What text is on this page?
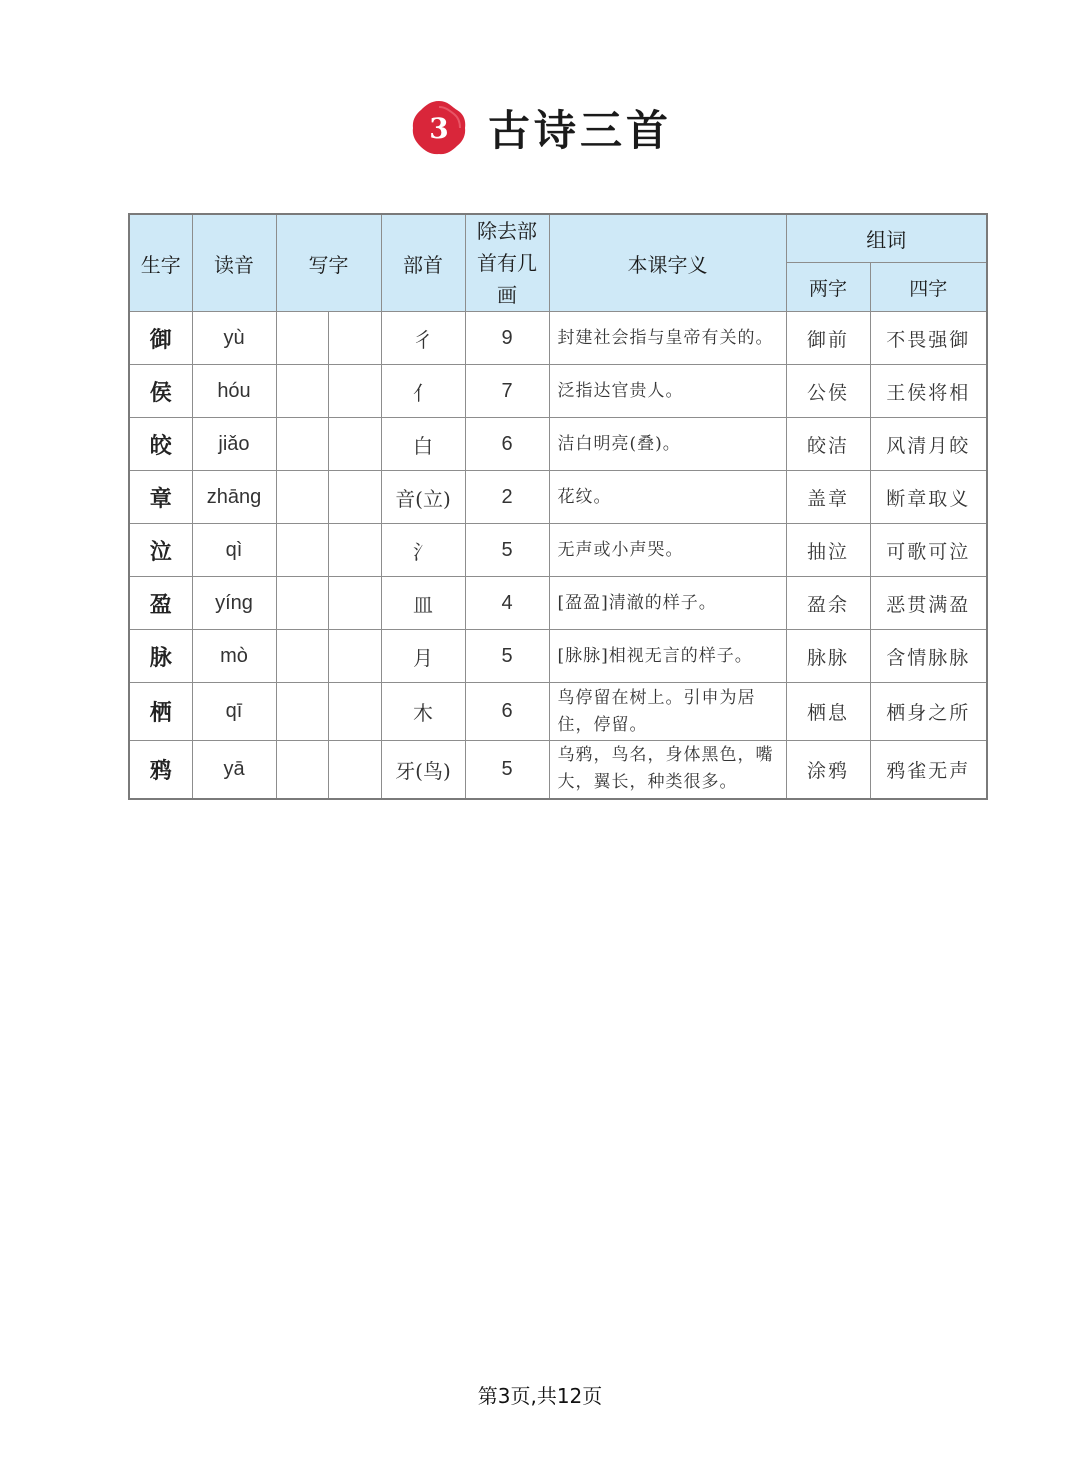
3 古诗三首
生字	读音	写字		部首	除去部首有几画	本课字义	组词	
							两字	四字
御	yù			彳	9	封建社会指与皇帝有关的。	御前	不畏强御
侯	hóu			亻	7	泛指达官贵人。	公侯	王侯将相
皎	jiǎo			白	6	洁白明亮(叠)。	皎洁	风清月皎
章	zhāng			音(立)	2	花纹。	盖章	断章取义
泣	qì			氵	5	无声或小声哭。	抽泣	可歌可泣
盈	yíng			皿	4	[盈盈]清澈的样子。	盈余	恶贯满盈
脉	mò			月	5	[脉脉]相视无言的样子。	脉脉	含情脉脉
栖	qī			木	6	鸟停留在树上。引申为居住，停留。	栖息	栖身之所
鸦	yā			牙(鸟)	5	乌鸦，鸟名，身体黑色，嘴大，翼长，种类很多。	涂鸦	鸦雀无声
第3页,共12页
